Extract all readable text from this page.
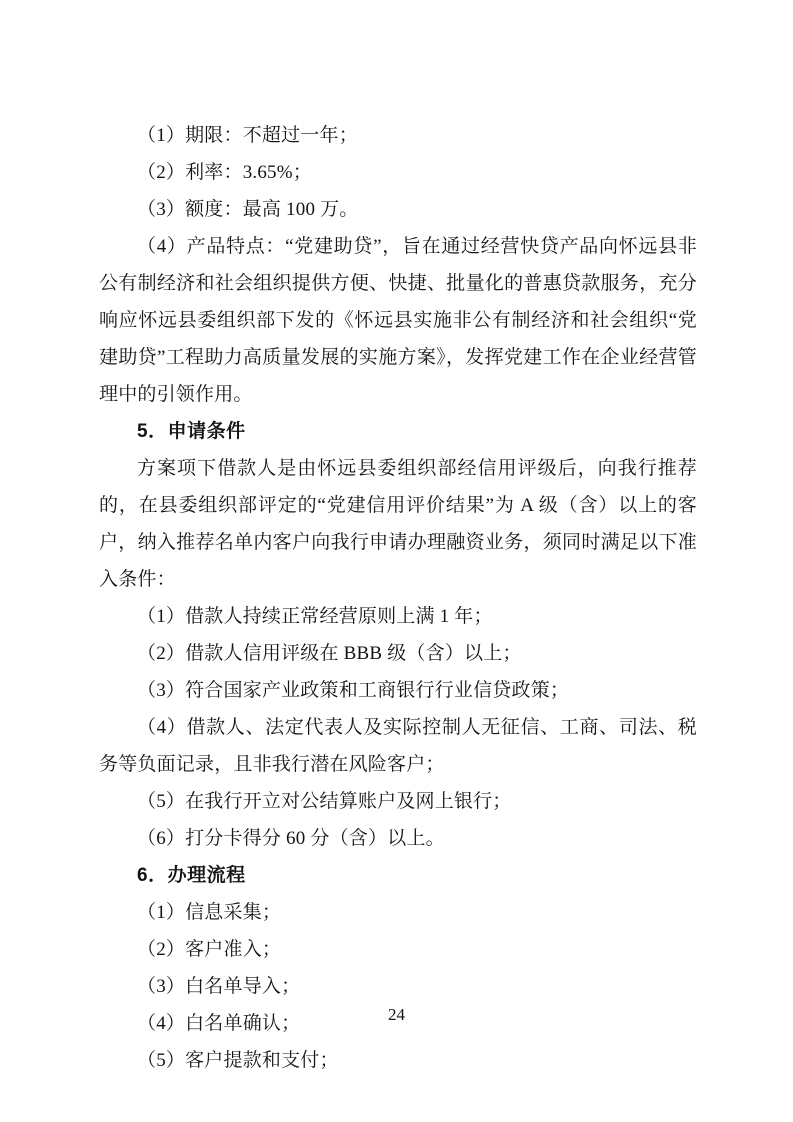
（1）期限：不超过一年；

（2）利率：3.65%；

（3）额度：最高 100 万。

（4）产品特点：“党建助贷”，旨在通过经营快贷产品向怀远县非公有制经济和社会组织提供方便、快捷、批量化的普惠贷款服务，充分响应怀远县委组织部下发的《怀远县实施非公有制经济和社会组织“党建助贷”工程助力高质量发展的实施方案》，发挥党建工作在企业经营管理中的引领作用。

5．申请条件

方案项下借款人是由怀远县委组织部经信用评级后，向我行推荐的，在县委组织部评定的“党建信用评价结果”为 A 级（含）以上的客户，纳入推荐名单内客户向我行申请办理融资业务，须同时满足以下准入条件：

（1）借款人持续正常经营原则上满 1 年；

（2）借款人信用评级在 BBB 级（含）以上；

（3）符合国家产业政策和工商银行行业信贷政策；

（4）借款人、法定代表人及实际控制人无征信、工商、司法、税务等负面记录，且非我行潜在风险客户；

（5）在我行开立对公结算账户及网上银行；

（6）打分卡得分 60 分（含）以上。

6．办理流程

（1）信息采集；

（2）客户准入；

（3）白名单导入；

（4）白名单确认；

（5）客户提款和支付；

24
